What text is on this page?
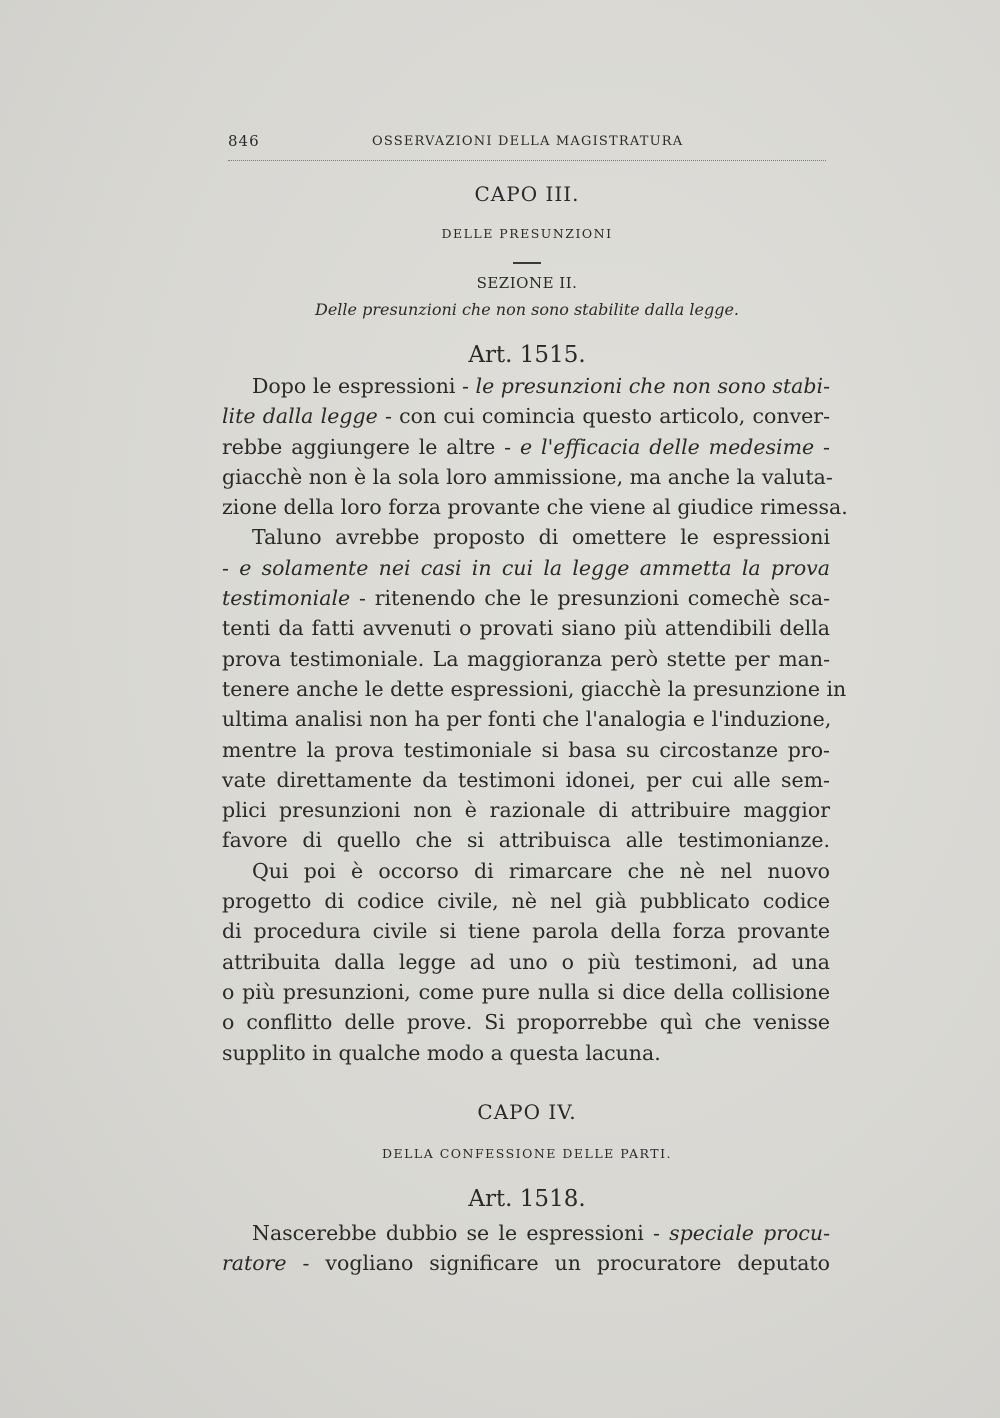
846	OSSERVAZIONI DELLA MAGISTRATURA
CAPO III.
DELLE PRESUNZIONI
SEZIONE II.
Delle presunzioni che non sono stabilite dalla legge.
Art. 1515.
Dopo le espressioni - le presunzioni che non sono stabi-
lite dalla legge - con cui comincia questo articolo, conver-
rebbe aggiungere le altre - e l'efficacia delle medesime -
giacchè non è la sola loro ammissione, ma anche la valuta-
zione della loro forza provante che viene al giudice rimessa.
Taluno avrebbe proposto di omettere le espressioni
- e solamente nei casi in cui la legge ammetta la prova
testimoniale - ritenendo che le presunzioni comechè sca-
tenti da fatti avvenuti o provati siano più attendibili della
prova testimoniale. La maggioranza però stette per man-
tenere anche le dette espressioni, giacchè la presunzione in
ultima analisi non ha per fonti che l'analogia e l'induzione,
mentre la prova testimoniale si basa su circostanze pro-
vate direttamente da testimoni idonei, per cui alle sem-
plici presunzioni non è razionale di attribuire maggior
favore di quello che si attribuisca alle testimonianze.
Qui poi è occorso di rimarcare che nè nel nuovo
progetto di codice civile, nè nel già pubblicato codice
di procedura civile si tiene parola della forza provante
attribuita dalla legge ad uno o più testimoni, ad una
o più presunzioni, come pure nulla si dice della collisione
o conflitto delle prove. Si proporrebbe quì che venisse
supplito in qualche modo a questa lacuna.
CAPO IV.
DELLA CONFESSIONE DELLE PARTI.
Art. 1518.
Nascerebbe dubbio se le espressioni - speciale procu-
ratore - vogliano significare un procuratore deputato
